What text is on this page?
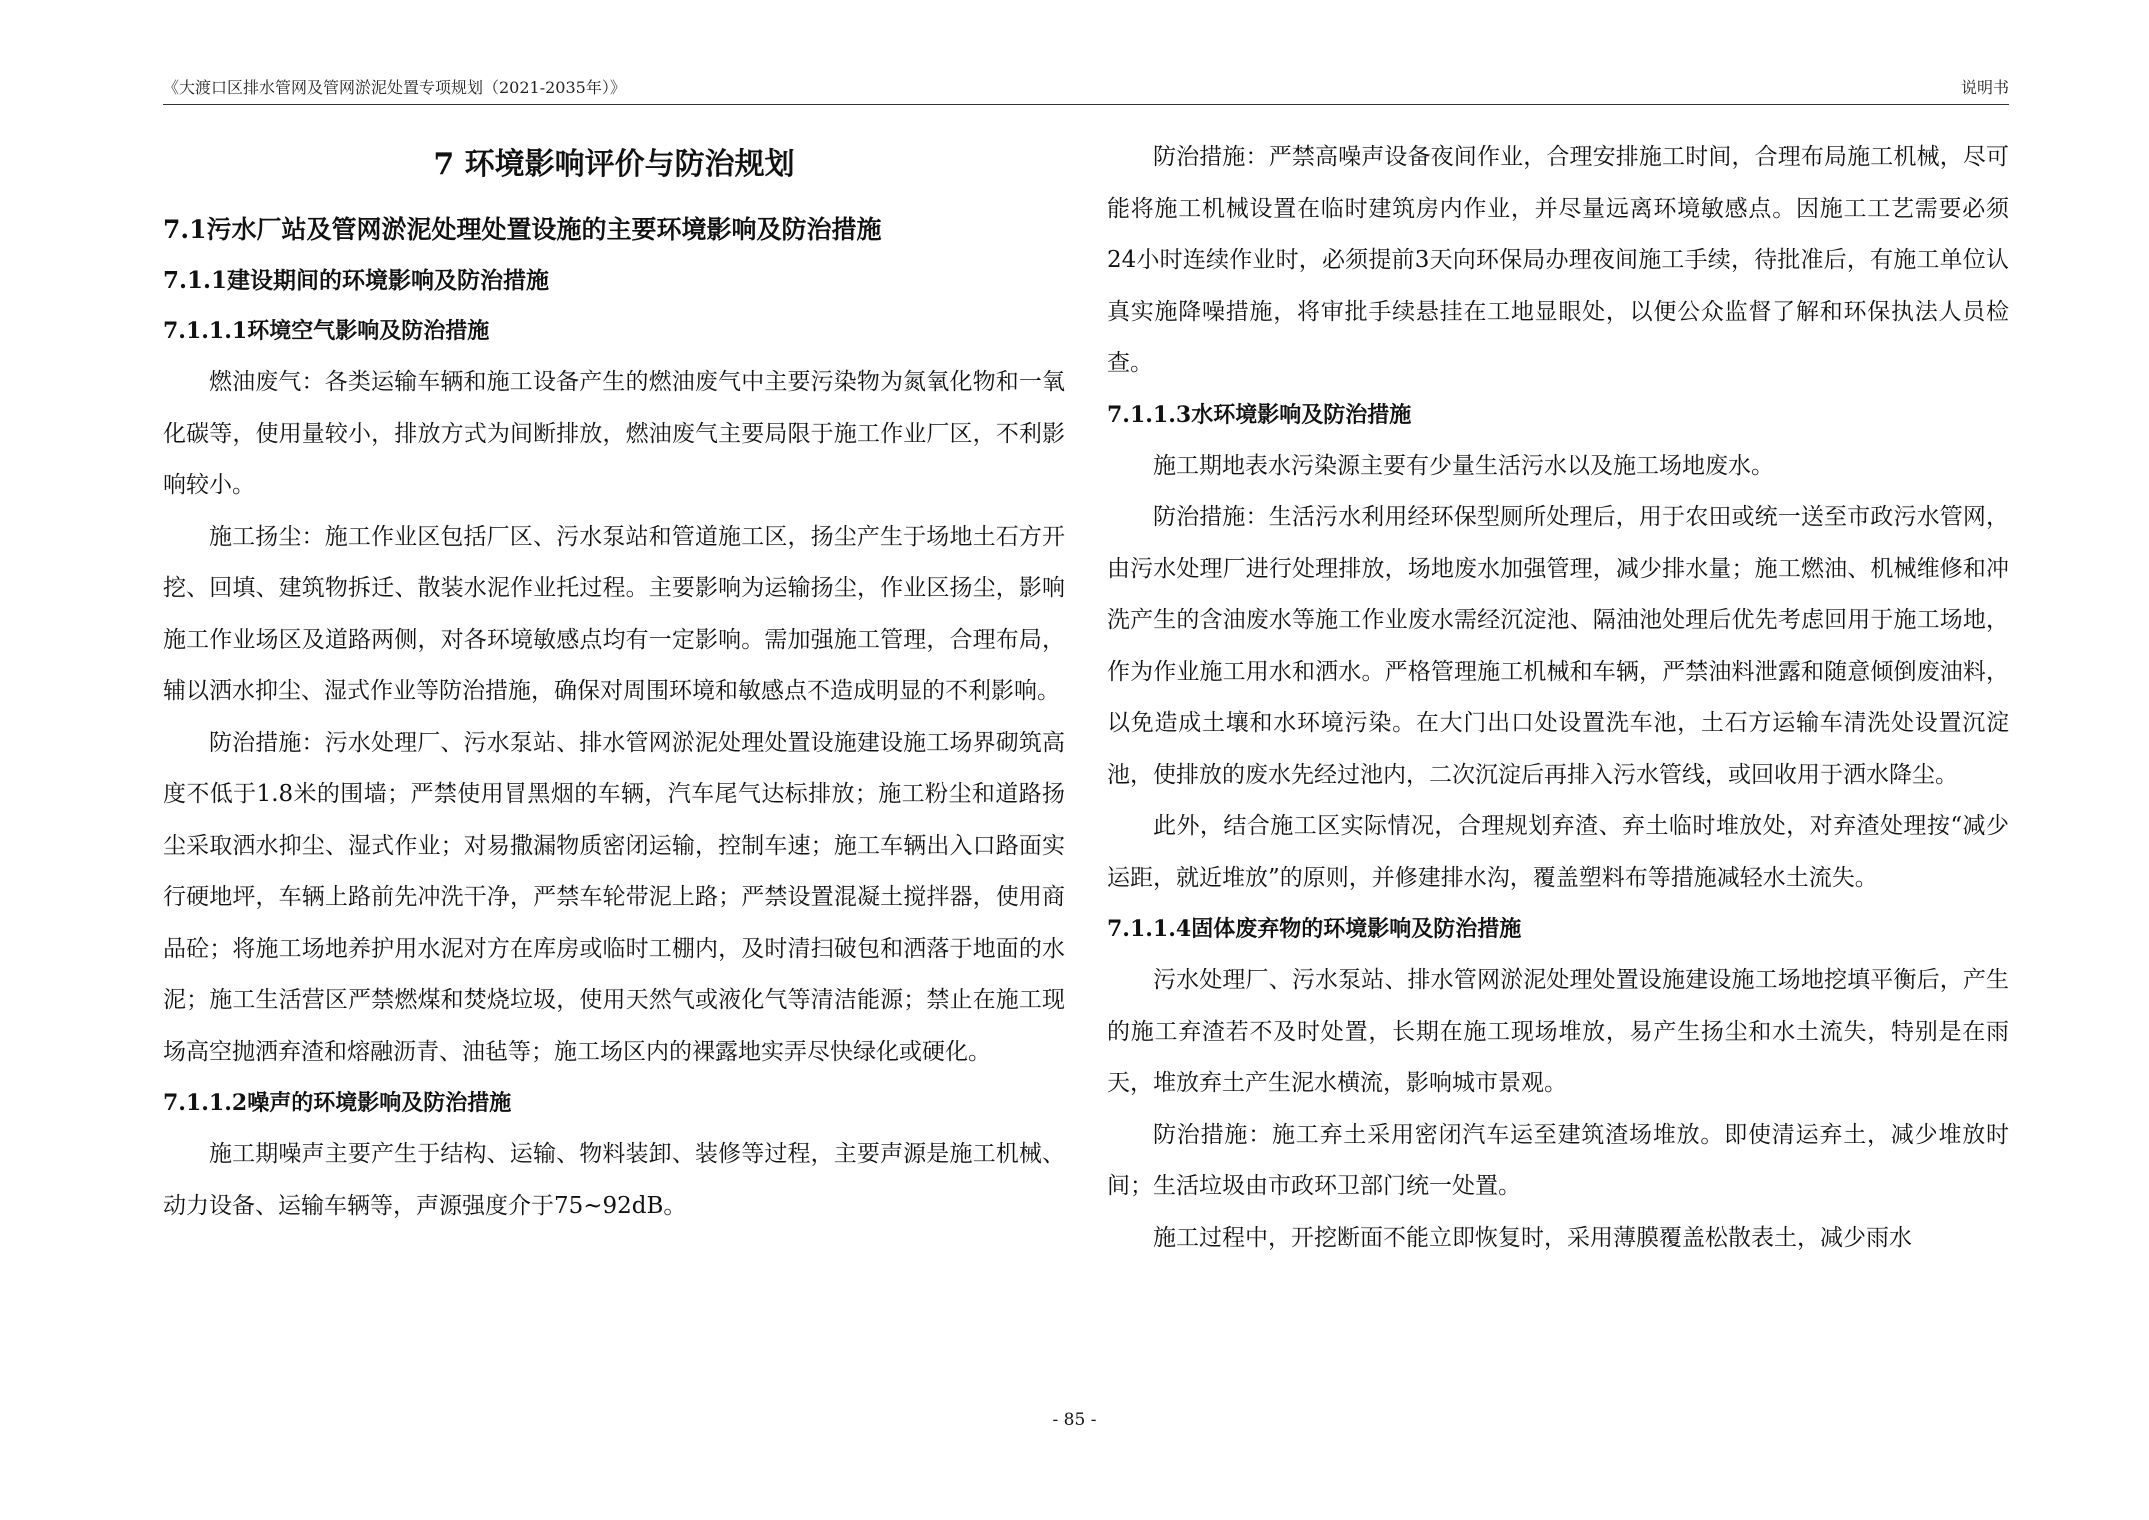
《大渡口区排水管网及管网淤泥处置专项规划（2021-2035年）》	说明书
7 环境影响评价与防治规划
7.1污水厂站及管网淤泥处理处置设施的主要环境影响及防治措施
7.1.1建设期间的环境影响及防治措施
7.1.1.1环境空气影响及防治措施

燃油废气：各类运输车辆和施工设备产生的燃油废气中主要污染物为氮氧化物和一氧化碳等，使用量较小，排放方式为间断排放，燃油废气主要局限于施工作业厂区，不利影响较小。

施工扬尘：施工作业区包括厂区、污水泵站和管道施工区，扬尘产生于场地土石方开挖、回填、建筑物拆迁、散装水泥作业托过程。主要影响为运输扬尘，作业区扬尘，影响施工作业场区及道路两侧，对各环境敏感点均有一定影响。需加强施工管理，合理布局，辅以洒水抑尘、湿式作业等防治措施，确保对周围环境和敏感点不造成明显的不利影响。

防治措施：污水处理厂、污水泵站、排水管网淤泥处理处置设施建设施工场界砌筑高度不低于1.8米的围墙；严禁使用冒黑烟的车辆，汽车尾气达标排放；施工粉尘和道路扬尘采取洒水抑尘、湿式作业；对易撒漏物质密闭运输，控制车速；施工车辆出入口路面实行硬地坪，车辆上路前先冲洗干净，严禁车轮带泥上路；严禁设置混凝土搅拌器，使用商品砼；将施工场地养护用水泥对方在库房或临时工棚内，及时清扫破包和洒落于地面的水泥；施工生活营区严禁燃煤和焚烧垃圾，使用天然气或液化气等清洁能源；禁止在施工现场高空抛洒弃渣和熔融沥青、油毡等；施工场区内的裸露地实弄尽快绿化或硬化。

7.1.1.2噪声的环境影响及防治措施

施工期噪声主要产生于结构、运输、物料装卸、装修等过程，主要声源是施工机械、动力设备、运输车辆等，声源强度介于75~92dB。

防治措施：严禁高噪声设备夜间作业，合理安排施工时间，合理布局施工机械，尽可能将施工机械设置在临时建筑房内作业，并尽量远离环境敏感点。因施工工艺需要必须24小时连续作业时，必须提前3天向环保局办理夜间施工手续，待批准后，有施工单位认真实施降噪措施，将审批手续悬挂在工地显眼处，以便公众监督了解和环保执法人员检查。

7.1.1.3水环境影响及防治措施

施工期地表水污染源主要有少量生活污水以及施工场地废水。

防治措施：生活污水利用经环保型厕所处理后，用于农田或统一送至市政污水管网，由污水处理厂进行处理排放，场地废水加强管理，减少排水量；施工燃油、机械维修和冲洗产生的含油废水等施工作业废水需经沉淀池、隔油池处理后优先考虑回用于施工场地，作为作业施工用水和洒水。严格管理施工机械和车辆，严禁油料泄露和随意倾倒废油料，以免造成土壤和水环境污染。在大门出口处设置洗车池，土石方运输车清洗处设置沉淀池，使排放的废水先经过池内，二次沉淀后再排入污水管线，或回收用于洒水降尘。

此外，结合施工区实际情况，合理规划弃渣、弃土临时堆放处，对弃渣处理按“减少运距，就近堆放”的原则，并修建排水沟，覆盖塑料布等措施减轻水土流失。

7.1.1.4固体废弃物的环境影响及防治措施

污水处理厂、污水泵站、排水管网淤泥处理处置设施建设施工场地挖填平衡后，产生的施工弃渣若不及时处置，长期在施工现场堆放，易产生扬尘和水土流失，特别是在雨天，堆放弃土产生泥水横流，影响城市景观。

防治措施：施工弃土采用密闭汽车运至建筑渣场堆放。即使清运弃土，减少堆放时间；生活垃圾由市政环卫部门统一处置。

施工过程中，开挖断面不能立即恢复时，采用薄膜覆盖松散表土，减少雨水

- 85 -
